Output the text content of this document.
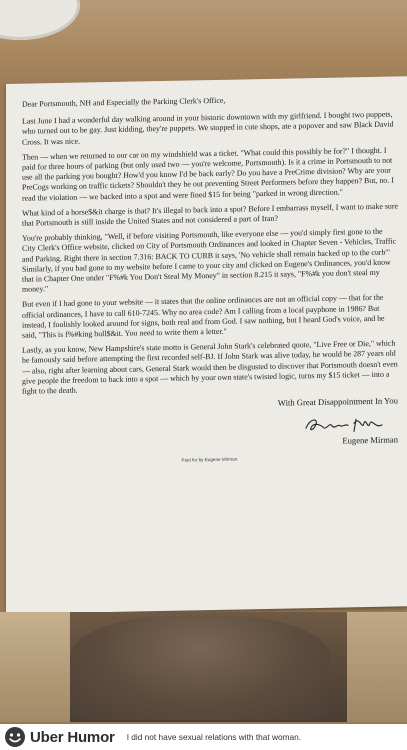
Dear Portsmouth, NH and Especially the Parking Clerk's Office,

Last June I had a wonderful day walking around in your historic downtown with my girlfriend. I bought two puppets, who turned out to be gay. Just kidding, they're puppets. We stopped in cute shops, ate a popover and saw Black David Cross. It was nice.

Then — when we returned to our car on my windshield was a ticket. "What could this possibly be for?" I thought. I paid for three hours of parking (but only used two — you're welcome, Portsmouth). Is it a crime in Portsmouth to not use all the parking you bought? How'd you know I'd be back early? Do you have a PreCrime division? Why are your PreCogs working on traffic tickets? Shouldn't they be out preventing Street Performers before they happen? But, no. I read the violation — we backed into a spot and were fined $15 for being "parked in wrong direction."

What kind of a horse$&it charge is that? It's illegal to back into a spot? Before I embarrass myself, I want to make sure that Portsmouth is still inside the United States and not considered a part of Iran?

You're probably thinking, "Well, if before visiting Portsmouth, like everyone else — you'd simply first gone to the City Clerk's Office website, clicked on City of Portsmouth Ordinances and looked in Chapter Seven - Vehicles, Traffic and Parking. Right there in section 7.316: BACK TO CURB it says, 'No vehicle shall remain backed up to the curb'" Similarly, if you had gone to my website before I came to your city and clicked on Eugene's Ordinances, you'd know that in Chapter One under "F%#k You Don't Steal My Money" in section 8.215 it says, "F%#k you don't steal my money."

But even if I had gone to your website — it states that the online ordinances are not an official copy — that for the official ordinances, I have to call 610-7245. Why no area code? Am I calling from a local payphone in 1986? But instead, I foolishly looked around for signs, both real and from God. I saw nothing, but I heard God's voice, and he said, "This is f%#king bull$&it. You need to write them a letter."

Lastly, as you know, New Hampshire's state motto is General John Stark's celebrated quote, "Live Free or Die," which he famously said before attempting the first recorded self-BJ. If John Stark was alive today, he would be 287 years old — also, right after learning about cars, General Stark would then be disgusted to discover that Portsmouth doesn't even give people the freedom to back into a spot — which by your own state's twisted logic, turns my $15 ticket — into a fight to the death.

With Great Disappointment In You

Eugene Mirman

Paid for by Eugene Mirman.

Uber Humor I did not have sexual relations with that woman.
